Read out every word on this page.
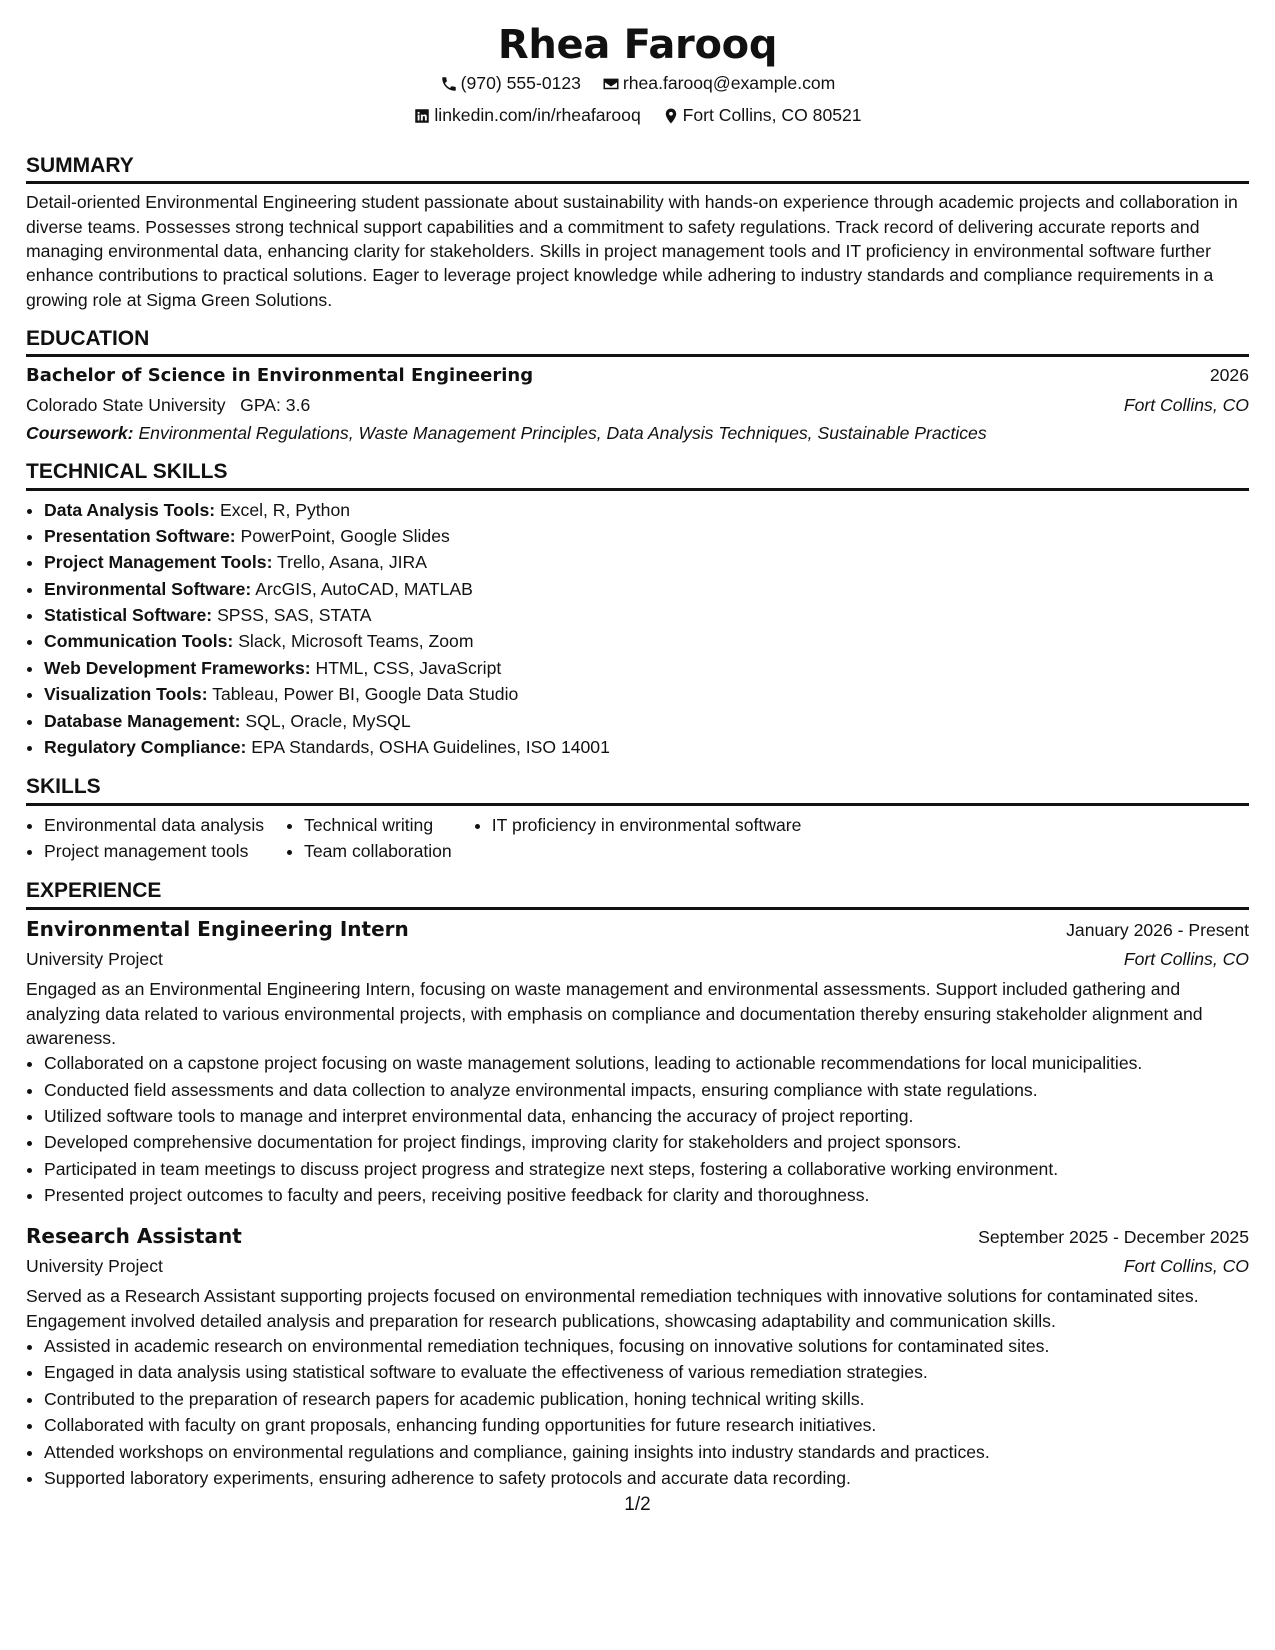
Rhea Farooq
(970) 555-0123
rhea.farooq@example.com
linkedin.com/in/rheafarooq
Fort Collins, CO 80521
SUMMARY

Detail-oriented Environmental Engineering student passionate about sustainability with hands-on experience through academic projects and collaboration in diverse teams. Possesses strong technical support capabilities and a commitment to safety regulations. Track record of delivering accurate reports and managing environmental data, enhancing clarity for stakeholders. Skills in project management tools and IT proficiency in environmental software further enhance contributions to practical solutions. Eager to leverage project knowledge while adhering to industry standards and compliance requirements in a growing role at Sigma Green Solutions.

EDUCATION
Bachelor of Science in Environmental Engineering	2026
Colorado State University GPA: 3.6	Fort Collins, CO
Coursework: Environmental Regulations, Waste Management Principles, Data Analysis Techniques, Sustainable Practices
TECHNICAL SKILLS
• Data Analysis Tools: Excel, R, Python
• Presentation Software: PowerPoint, Google Slides
• Project Management Tools: Trello, Asana, JIRA
• Environmental Software: ArcGIS, AutoCAD, MATLAB
• Statistical Software: SPSS, SAS, STATA
• Communication Tools: Slack, Microsoft Teams, Zoom
• Web Development Frameworks: HTML, CSS, JavaScript
• Visualization Tools: Tableau, Power BI, Google Data Studio
• Database Management: SQL, Oracle, MySQL
• Regulatory Compliance: EPA Standards, OSHA Guidelines, ISO 14001
SKILLS
• Environmental data analysis
• Project management tools
• Technical writing
• Team collaboration
• IT proficiency in environmental software
EXPERIENCE
Environmental Engineering Intern	January 2026 - Present
University Project	Fort Collins, CO

Engaged as an Environmental Engineering Intern, focusing on waste management and environmental assessments. Support included gathering and analyzing data related to various environmental projects, with emphasis on compliance and documentation thereby ensuring stakeholder alignment and awareness.

• Collaborated on a capstone project focusing on waste management solutions, leading to actionable recommendations for local municipalities.
• Conducted field assessments and data collection to analyze environmental impacts, ensuring compliance with state regulations.
• Utilized software tools to manage and interpret environmental data, enhancing the accuracy of project reporting.
• Developed comprehensive documentation for project findings, improving clarity for stakeholders and project sponsors.
• Participated in team meetings to discuss project progress and strategize next steps, fostering a collaborative working environment.
• Presented project outcomes to faculty and peers, receiving positive feedback for clarity and thoroughness.
Research Assistant	September 2025 - December 2025
University Project	Fort Collins, CO

Served as a Research Assistant supporting projects focused on environmental remediation techniques with innovative solutions for contaminated sites. Engagement involved detailed analysis and preparation for research publications, showcasing adaptability and communication skills.

• Assisted in academic research on environmental remediation techniques, focusing on innovative solutions for contaminated sites.
• Engaged in data analysis using statistical software to evaluate the effectiveness of various remediation strategies.
• Contributed to the preparation of research papers for academic publication, honing technical writing skills.
• Collaborated with faculty on grant proposals, enhancing funding opportunities for future research initiatives.
• Attended workshops on environmental regulations and compliance, gaining insights into industry standards and practices.
• Supported laboratory experiments, ensuring adherence to safety protocols and accurate data recording.
1/2
